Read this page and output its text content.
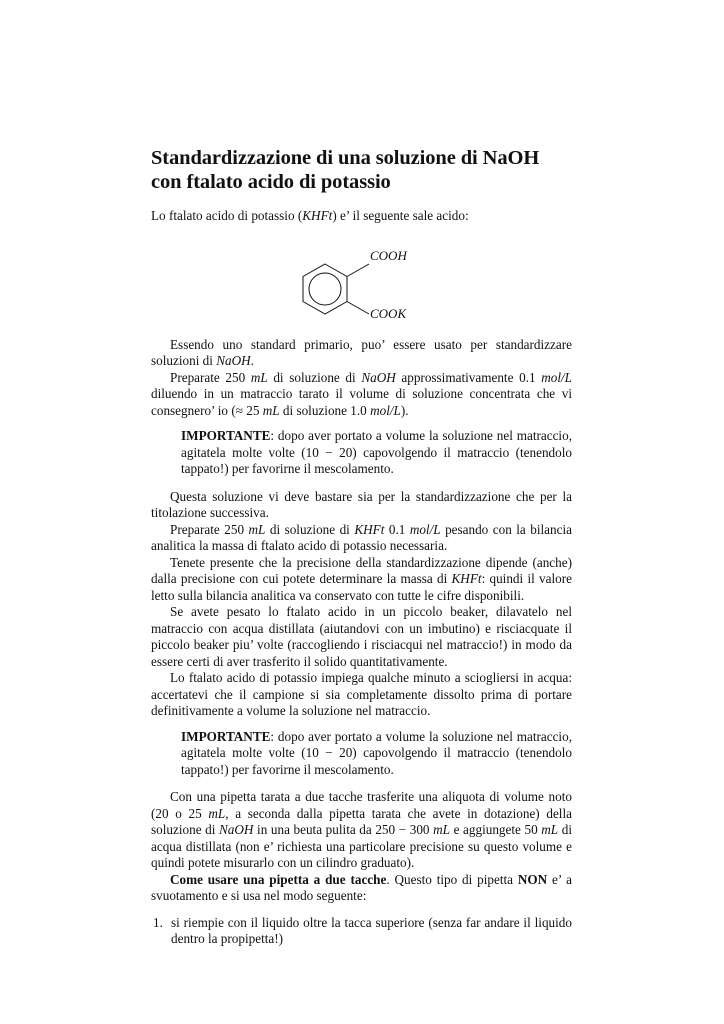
Standardizzazione di una soluzione di NaOH con ftalato acido di potassio

Lo ftalato acido di potassio (KHFt) e’ il seguente sale acido:

COOH
COOK

Essendo uno standard primario, puo’ essere usato per standardizzare soluzioni di NaOH.

Preparate 250 mL di soluzione di NaOH approssimativamente 0.1 mol/L diluendo in un matraccio tarato il volume di soluzione concentrata che vi consegnero’ io (≈ 25 mL di soluzione 1.0 mol/L).

IMPORTANTE: dopo aver portato a volume la soluzione nel matraccio, agitatela molte volte (10 − 20) capovolgendo il matraccio (tenendolo tappato!) per favorirne il mescolamento.

Questa soluzione vi deve bastare sia per la standardizzazione che per la titolazione successiva.

Preparate 250 mL di soluzione di KHFt 0.1 mol/L pesando con la bilancia analitica la massa di ftalato acido di potassio necessaria.

Tenete presente che la precisione della standardizzazione dipende (anche) dalla precisione con cui potete determinare la massa di KHFt: quindi il valore letto sulla bilancia analitica va conservato con tutte le cifre disponibili.

Se avete pesato lo ftalato acido in un piccolo beaker, dilavatelo nel matraccio con acqua distillata (aiutandovi con un imbutino) e risciacquate il piccolo beaker piu’ volte (raccogliendo i risciacqui nel matraccio!) in modo da essere certi di aver trasferito il solido quantitativamente.

Lo ftalato acido di potassio impiega qualche minuto a sciogliersi in acqua: accertatevi che il campione si sia completamente dissolto prima di portare definitivamente a volume la soluzione nel matraccio.

IMPORTANTE: dopo aver portato a volume la soluzione nel matraccio, agitatela molte volte (10 − 20) capovolgendo il matraccio (tenendolo tappato!) per favorirne il mescolamento.

Con una pipetta tarata a due tacche trasferite una aliquota di volume noto (20 o 25 mL, a seconda dalla pipetta tarata che avete in dotazione) della soluzione di NaOH in una beuta pulita da 250 − 300 mL e aggiungete 50 mL di acqua distillata (non e’ richiesta una particolare precisione su questo volume e quindi potete misurarlo con un cilindro graduato).

Come usare una pipetta a due tacche. Questo tipo di pipetta NON e’ a svuotamento e si usa nel modo seguente:

1. si riempie con il liquido oltre la tacca superiore (senza far andare il liquido dentro la propipetta!)
